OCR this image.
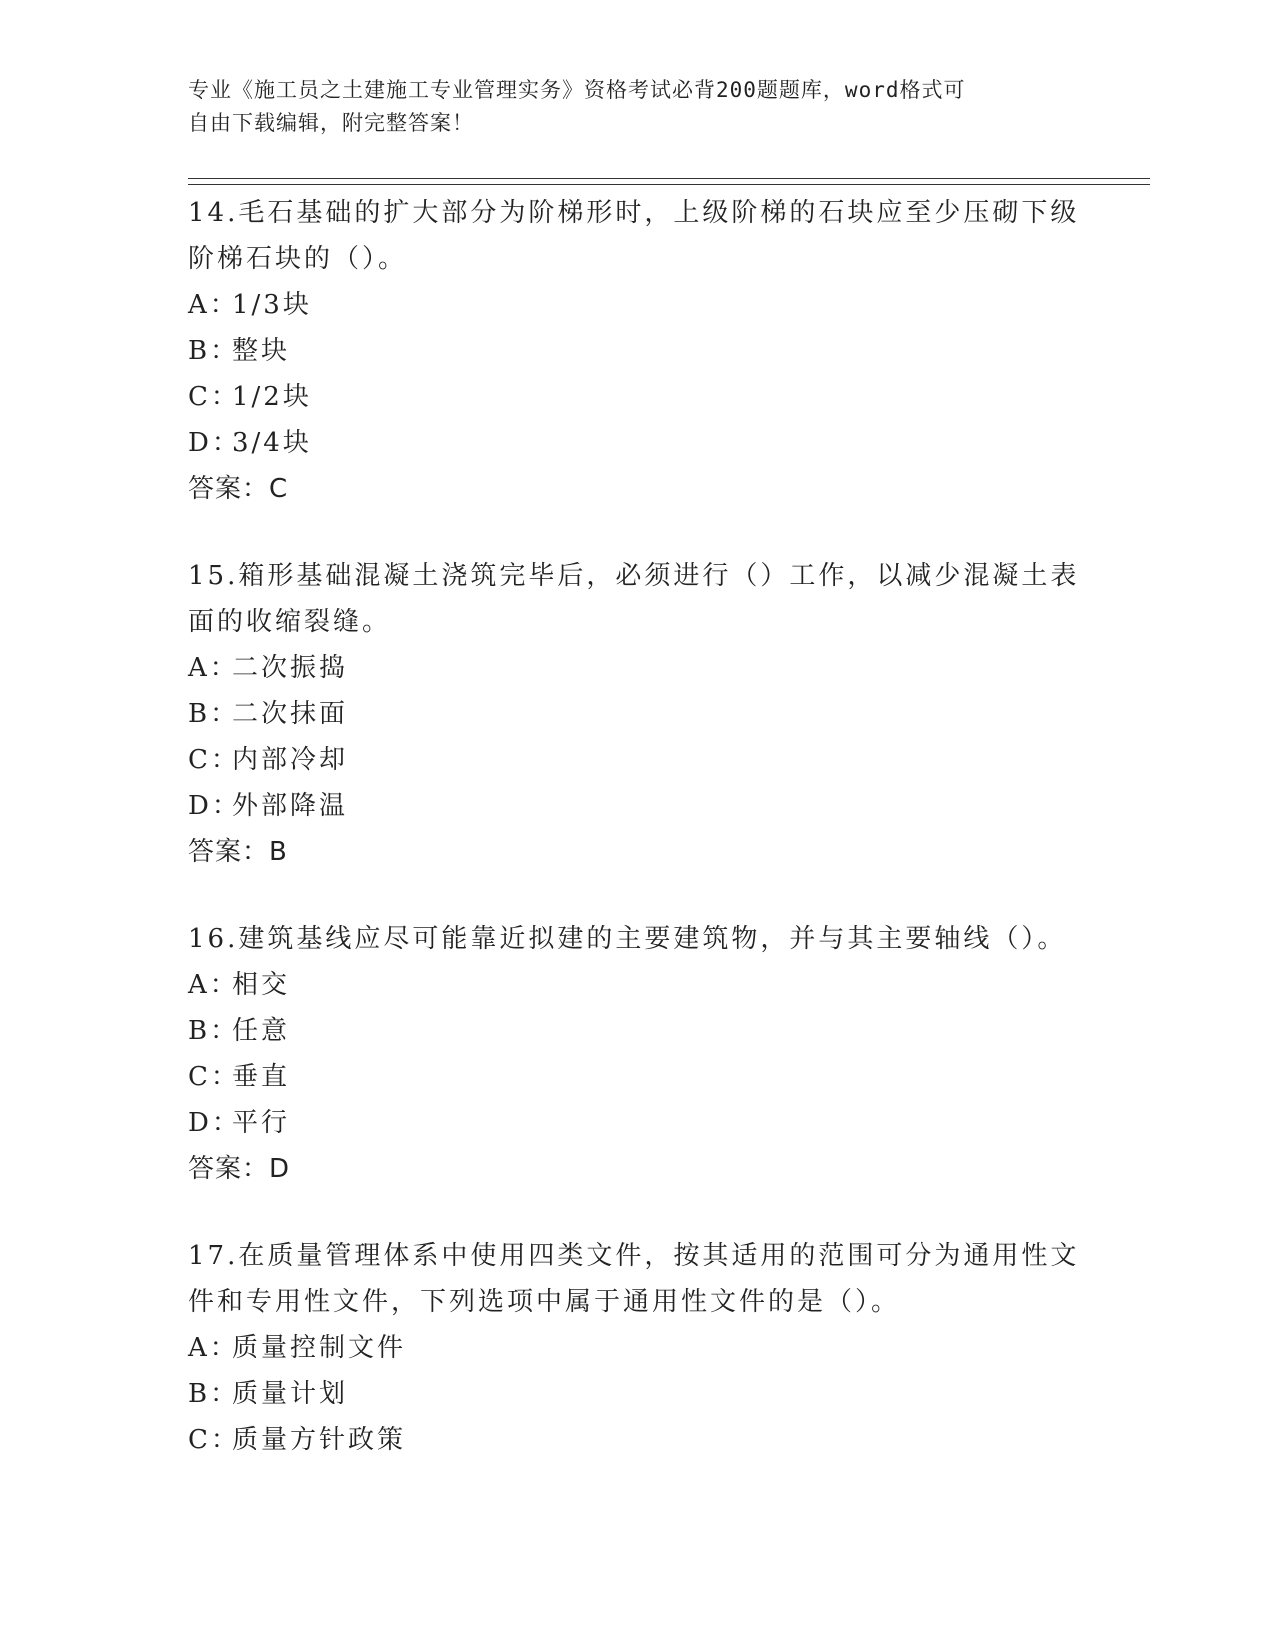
专业《施工员之土建施工专业管理实务》资格考试必背200题题库，word格式可
自由下载编辑，附完整答案！

14.毛石基础的扩大部分为阶梯形时，上级阶梯的石块应至少压砌下级

阶梯石块的（）。

A：1/3块

B：整块

C：1/2块

D：3/4块

答案：C

15.箱形基础混凝土浇筑完毕后，必须进行（）工作，以减少混凝土表

面的收缩裂缝。

A：二次振捣

B：二次抹面

C：内部冷却

D：外部降温

答案：B

16.建筑基线应尽可能靠近拟建的主要建筑物，并与其主要轴线（）。

A：相交

B：任意

C：垂直

D：平行

答案：D

17.在质量管理体系中使用四类文件，按其适用的范围可分为通用性文

件和专用性文件，下列选项中属于通用性文件的是（）。

A：质量控制文件

B：质量计划

C：质量方针政策
